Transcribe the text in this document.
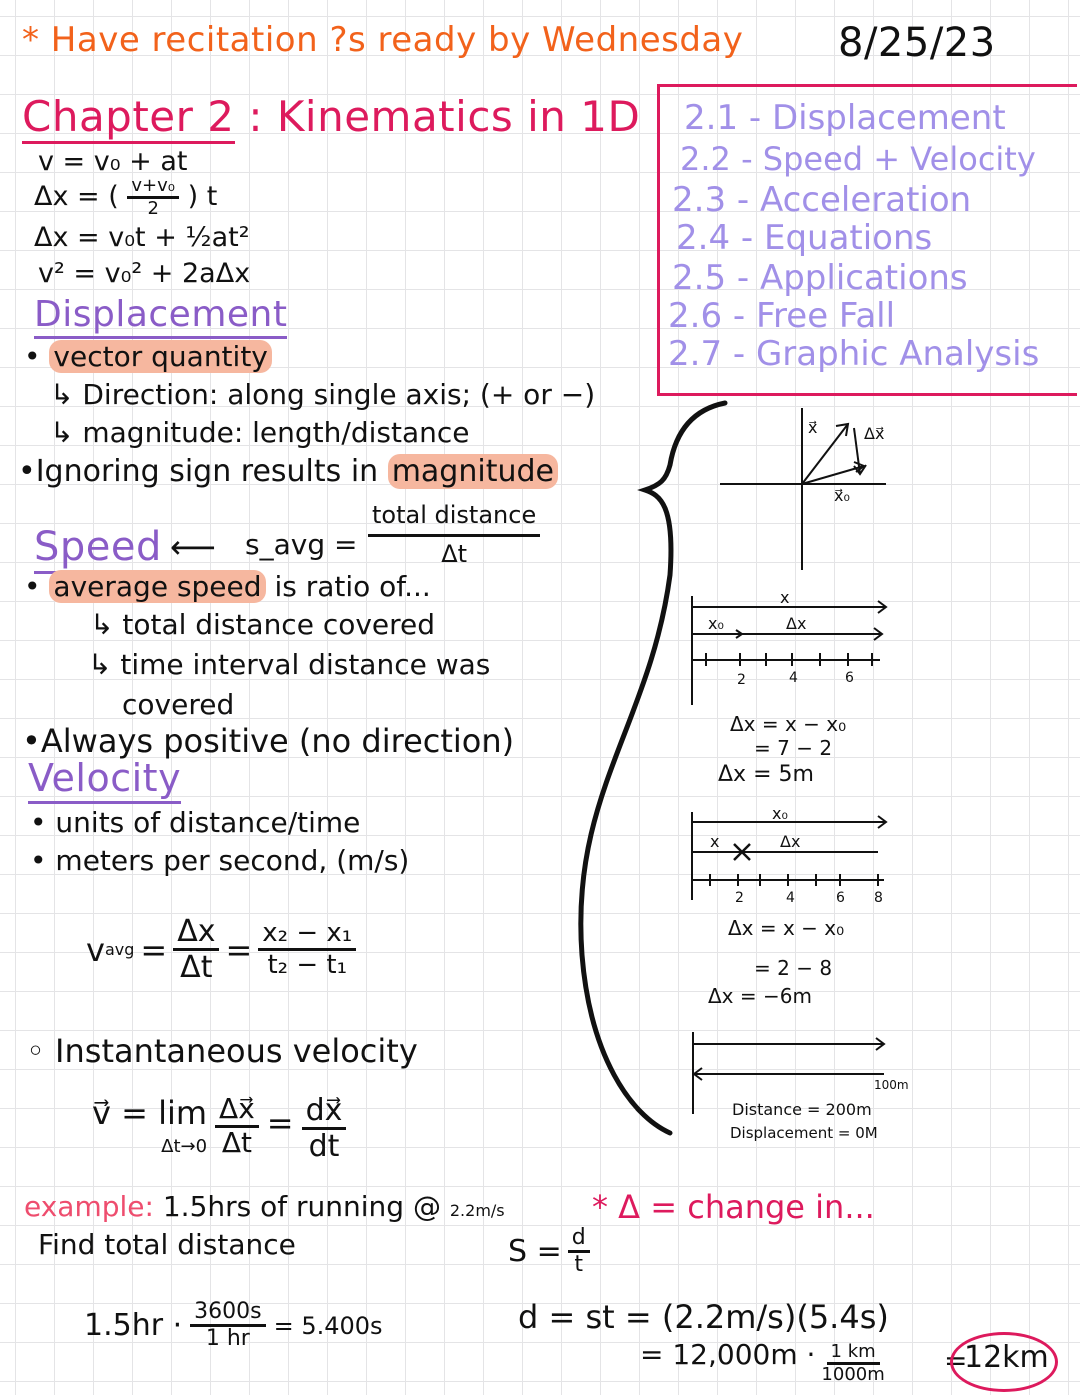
* Have recitation ?s ready by Wednesday 8/25/23
Chapter 2 : Kinematics in 1D
v = v₀ + at
Δx = ( $\frac{\text{v+v₀}}{2}$ ) t
Δx = v₀t + ½at²
v² = v₀² + 2aΔx
2.1 - Displacement
2.2 - Speed + Velocity
2.3 - Acceleration
2.4 - Equations
2.5 - Applications
2.6 - Free Fall
2.7 - Graphic Analysis
Displacement
• vector quantity
↳ Direction: along single axis; (+ or −)
↳ magnitude: length/distance
•Ignoring sign results in magnitude
Speed ⟵ s_avg = $\frac{\text{total distance}}{\Delta t}$
• average speed is ratio of...
↳ total distance covered
↳ time interval distance was
covered
•Always positive (no direction)
Velocity
• units of distance/time
• meters per second, (m/s)
v avg = $\frac{\Delta x}{\Delta t} = \frac{\text{x₂ − x₁}}{\text{t₂ − t₁}}$
◦ Instantaneous velocity
v⃗ = lim
$\Delta t\to 0 \frac{\Delta x⃗}{\Delta t} = \frac{dx⃗}{dt}$
x⃗	Δx⃗
x⃗₀
x
x₀	Δx
2	4	6
Δx = x − x₀
= 7 − 2
Δx = 5m
x₀
x	Δx
2	4	6 8
Δx = x − x₀
= 2 − 8
Δx = −6m
100m
Distance = 200m
Displacement = 0M
example: 1.5hrs of running @ 2.2m/s	* Δ = change in...
Find total distance	$S = \frac{d}{t}$
$1.5hr \cdot \frac{3600s}{1 hr} = 5.400s$	d = st = (2.2m/s)(5.4s)
= $12,000m \cdot \frac{1 km}{1000m}$ =
12km
